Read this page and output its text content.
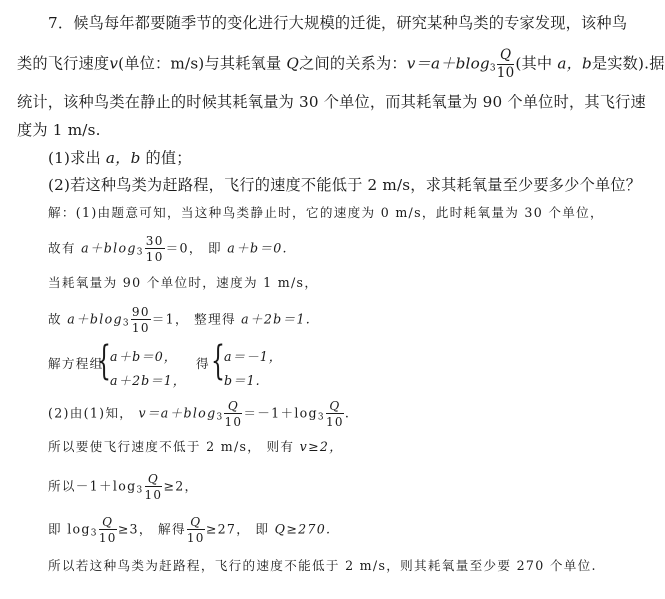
7．候鸟每年都要随季节的变化进行大规模的迁徙，研究某种鸟类的专家发现，该种鸟
类的飞行速度v(单位：m/s)与其耗氧量 Q之间的关系为：$v=a+blog_3 \frac{Q}{10}$ (其中 a，b是实数).据
统计，该种鸟类在静止的时候其耗氧量为 30 个单位，而其耗氧量为 90 个单位时，其飞行速
度为 1 m/s.
(1)求出 a，b 的值；
(2)若这种鸟类为赶路程，飞行的速度不能低于 2 m/s，求其耗氧量至少要多少个单位？
解：(1)由题意可知，当这种鸟类静止时，它的速度为 0 m/s，此时耗氧量为 30 个单位，
故有 $a+blog_3 \frac{30}{10} =0$， 即 a＋b＝0.
当耗氧量为 90 个单位时，速度为 1 m/s，
故 $a+blog_3 \frac{90}{10} =1$， 整理得 a＋2b＝1.
解方程组
{ a＋b＝0，
a＋2b＝1，
得 { a＝－1，
b＝1.
(2)由(1)知， $v=a+blog_3 \frac{Q}{10} =-1+\log_3 \frac{Q}{10}$ .
所以要使飞行速度不低于 2 m/s， 则有 v≥2，
所以$-1+\log_3 \frac{Q}{10} \ge 2$，
即 $\log_3 \frac{Q}{10} \ge 3$， 解得 $\frac{Q}{10} \ge 27$， 即 Q≥270.
所以若这种鸟类为赶路程，飞行的速度不能低于 2 m/s，则其耗氧量至少要 270 个单位.
